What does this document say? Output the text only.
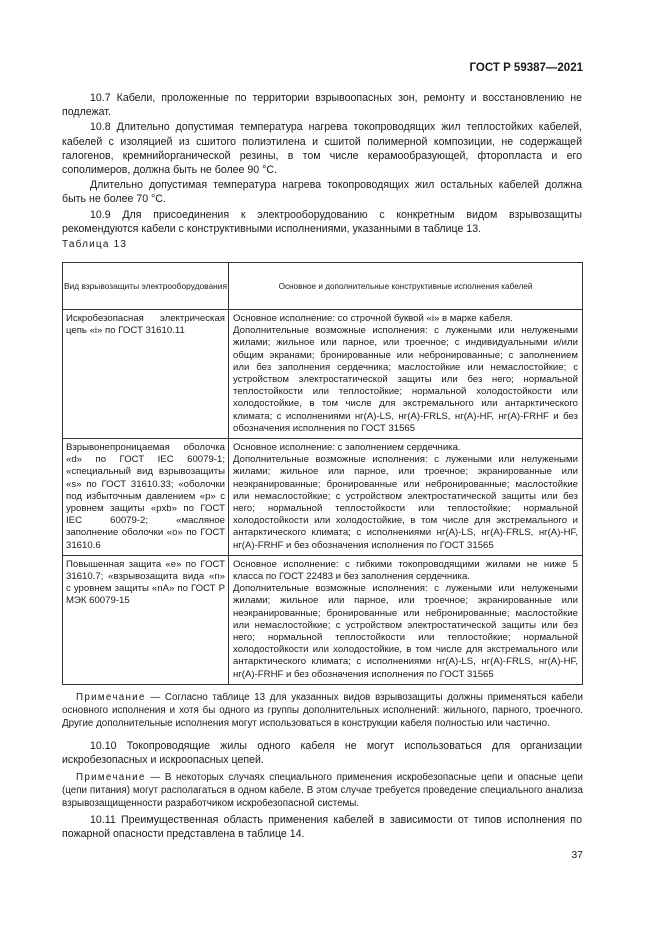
ГОСТ Р 59387—2021

10.7 Кабели, проложенные по территории взрывоопасных зон, ремонту и восстановлению не подлежат.

10.8 Длительно допустимая температура нагрева токопроводящих жил теплостойких кабелей, кабелей с изоляцией из сшитого полиэтилена и сшитой полимерной композиции, не содержащей галогенов, кремнийорганической резины, в том числе керамообразующей, фторопласта и его сополимеров, должна быть не более 90 °С.

Длительно допустимая температура нагрева токопроводящих жил остальных кабелей должна быть не более 70 °С.

10.9 Для присоединения к электрооборудованию с конкретным видом взрывозащиты рекомендуются кабели с конструктивными исполнениями, указанными в таблице 13.

Таблица 13
Вид взрывозащиты электрооборудования	Основное и дополнительные конструктивные исполнения кабелей
Искробезопасная электрическая цепь «i» по ГОСТ 31610.11

Основное исполнение: со строчной буквой «i» в марке кабеля.

Дополнительные возможные исполнения: с лужеными или нелужеными жилами; жильное или парное, или троечное; с индивидуальными и/или общим экранами; бронированные или небронированные; с заполнением или без заполнения сердечника; маслостойкие или немаслостойкие; с устройством электростатической защиты или без него; нормальной теплостойкости или теплостойкие; нормальной холодостойкости или холодостойкие, в том числе для экстремального или антарктического климата; с исполнениями нг(А)-LS, нг(А)-FRLS, нг(А)-HF, нг(А)-FRHF и без обозначения исполнения по ГОСТ 31565

Взрывонепроницаемая оболочка «d» по ГОСТ IEC 60079-1; «специальный вид взрывозащиты «s» по ГОСТ 31610.33; «оболочки под избыточным давлением «р» с уровнем защиты «рхb» по ГОСТ IEC 60079-2; «масляное заполнение оболочки «о» по ГОСТ 31610.6

Основное исполнение: с заполнением сердечника.

Дополнительные возможные исполнения: с лужеными или нелужеными жилами; жильное или парное, или троечное; экранированные или неэкранированные; бронированные или небронированные; маслостойкие или немаслостойкие; с устройством электростатической защиты или без него; нормальной теплостойкости или теплостойкие; нормальной холодостойкости или холодостойкие, в том числе для экстремального и антарктического климата; с исполнениями нг(А)-LS, нг(А)-FRLS, нг(А)-HF, нг(А)-FRHF и без обозначения исполнения по ГОСТ 31565

Повышенная защита «е» по ГОСТ 31610.7; «взрывозащита вида «n» с уровнем защиты «nA» по ГОСТ Р МЭК 60079-15

Основное исполнение: с гибкими токопроводящими жилами не ниже 5 класса по ГОСТ 22483 и без заполнения сердечника.

Дополнительные возможные исполнения: с лужеными или нелужеными жилами; жильное или парное, или троечное; экранированные или неэкранированные; бронированные или небронированные; маслостойкие или немаслостойкие; с устройством электростатической защиты или без него; нормальной теплостойкости или теплостойкие; нормальной холодостойкости или холодостойкие, в том числе для экстремального или антарктического климата; с исполнениями нг(А)-LS, нг(А)-FRLS, нг(А)-HF, нг(А)-FRHF и без обозначения исполнения по ГОСТ 31565

Примечание — Согласно таблице 13 для указанных видов взрывозащиты должны применяться кабели основного исполнения и хотя бы одного из группы дополнительных исполнений: жильного, парного, троечного. Другие дополнительные исполнения могут использоваться в конструкции кабеля полностью или частично.

10.10 Токопроводящие жилы одного кабеля не могут использоваться для организации искробезопасных и искроопасных цепей.

Примечание — В некоторых случаях специального применения искробезопасные цепи и опасные цепи (цепи питания) могут располагаться в одном кабеле. В этом случае требуется проведение специального анализа взрывозащищенности разработчиком искробезопасной системы.

10.11 Преимущественная область применения кабелей в зависимости от типов исполнения по пожарной опасности представлена в таблице 14.

37
